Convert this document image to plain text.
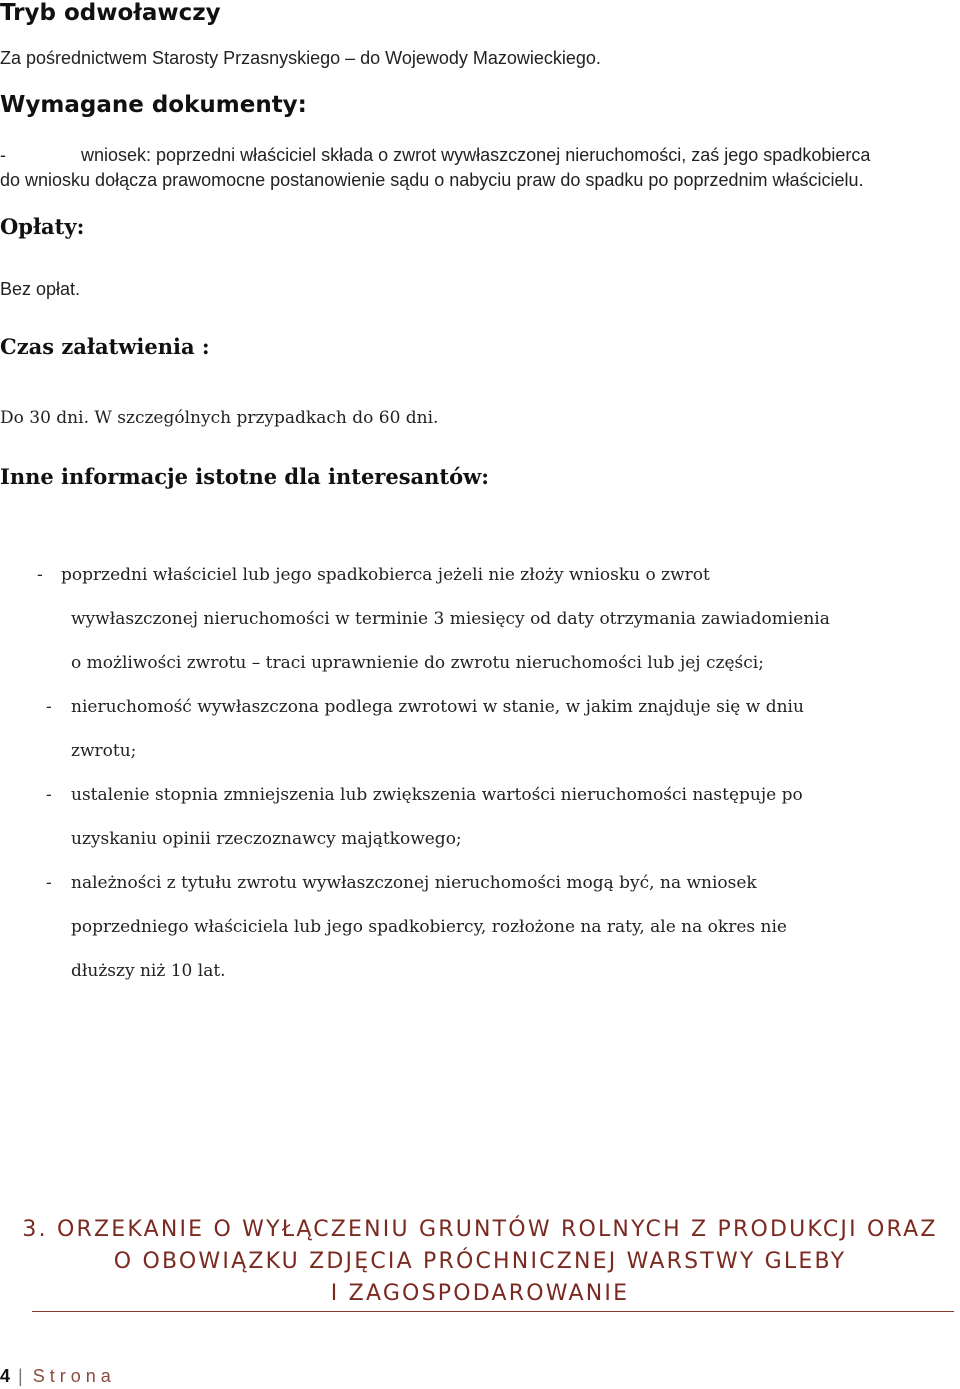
Tryb odwoławczy
Za pośrednictwem Starosty Przasnyskiego – do Wojewody Mazowieckiego.
Wymagane dokumenty:
-	wniosek: poprzedni właściciel składa o zwrot wywłaszczonej nieruchomości, zaś jego spadkobierca
do wniosku dołącza prawomocne postanowienie sądu o nabyciu praw do spadku po poprzednim właścicielu.
Opłaty:
Bez opłat.
Czas załatwienia :
Do 30 dni. W szczególnych przypadkach do 60 dni.
Inne informacje istotne dla interesantów:
- poprzedni właściciel lub jego spadkobierca jeżeli nie złoży wniosku o zwrot
wywłaszczonej nieruchomości w terminie 3 miesięcy od daty otrzymania zawiadomienia
o możliwości zwrotu – traci uprawnienie do zwrotu nieruchomości lub jej części;
- nieruchomość wywłaszczona podlega zwrotowi w stanie, w jakim znajduje się w dniu
zwrotu;
- ustalenie stopnia zmniejszenia lub zwiększenia wartości nieruchomości następuje po
uzyskaniu opinii rzeczoznawcy majątkowego;
- należności z tytułu zwrotu wywłaszczonej nieruchomości mogą być, na wniosek
poprzedniego właściciela lub jego spadkobiercy, rozłożone na raty, ale na okres nie
dłuższy niż 10 lat.
3. ORZEKANIE O WYŁĄCZENIU GRUNTÓW ROLNYCH Z PRODUKCJI ORAZ
O OBOWIĄZKU ZDJĘCIA PRÓCHNICZNEJ WARSTWY GLEBY
I ZAGOSPODAROWANIE
4 | Strona
